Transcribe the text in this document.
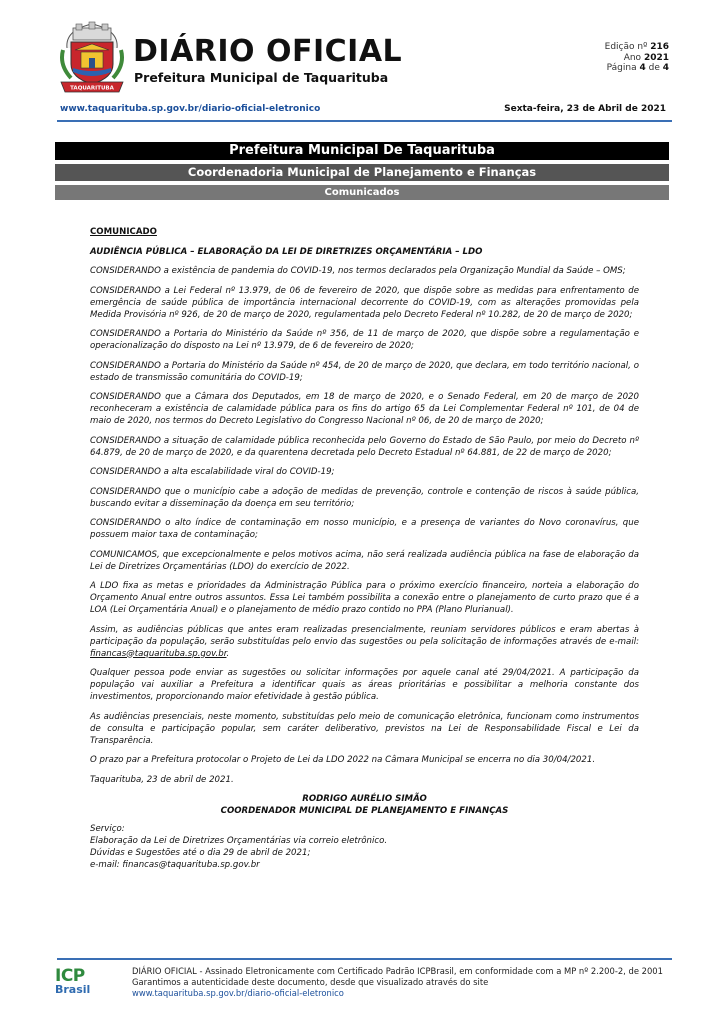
TAQUARITUBA
DIÁRIO OFICIAL
Prefeitura Municipal de Taquarituba
Edição nº 216
Ano 2021
Página 4 de 4
www.taquarituba.sp.gov.br/diario-oficial-eletronico	Sexta-feira, 23 de Abril de 2021
Prefeitura Municipal De Taquarituba
Coordenadoria Municipal de Planejamento e Finanças
Comunicados

COMUNICADO

AUDIÊNCIA PÚBLICA – ELABORAÇÃO DA LEI DE DIRETRIZES ORÇAMENTÁRIA – LDO

CONSIDERANDO a existência de pandemia do COVID-19, nos termos declarados pela Organização Mundial da Saúde – OMS;

CONSIDERANDO a Lei Federal nº 13.979, de 06 de fevereiro de 2020, que dispõe sobre as medidas para enfrentamento de emergência de saúde pública de importância internacional decorrente do COVID-19, com as alterações promovidas pela Medida Provisória nº 926, de 20 de março de 2020, regulamentada pelo Decreto Federal nº 10.282, de 20 de março de 2020;

CONSIDERANDO a Portaria do Ministério da Saúde nº 356, de 11 de março de 2020, que dispõe sobre a regulamentação e operacionalização do disposto na Lei nº 13.979, de 6 de fevereiro de 2020;

CONSIDERANDO a Portaria do Ministério da Saúde nº 454, de 20 de março de 2020, que declara, em todo território nacional, o estado de transmissão comunitária do COVID-19;

CONSIDERANDO que a Câmara dos Deputados, em 18 de março de 2020, e o Senado Federal, em 20 de março de 2020 reconheceram a existência de calamidade pública para os fins do artigo 65 da Lei Complementar Federal nº 101, de 04 de maio de 2020, nos termos do Decreto Legislativo do Congresso Nacional nº 06, de 20 de março de 2020;

CONSIDERANDO a situação de calamidade pública reconhecida pelo Governo do Estado de São Paulo, por meio do Decreto nº 64.879, de 20 de março de 2020, e da quarentena decretada pelo Decreto Estadual nº 64.881, de 22 de março de 2020;

CONSIDERANDO a alta escalabilidade viral do COVID-19;

CONSIDERANDO que o município cabe a adoção de medidas de prevenção, controle e contenção de riscos à saúde pública, buscando evitar a disseminação da doença em seu território;

CONSIDERANDO o alto índice de contaminação em nosso município, e a presença de variantes do Novo coronavírus, que possuem maior taxa de contaminação;

COMUNICAMOS, que excepcionalmente e pelos motivos acima, não será realizada audiência pública na fase de elaboração da Lei de Diretrizes Orçamentárias (LDO) do exercício de 2022.

A LDO fixa as metas e prioridades da Administração Pública para o próximo exercício financeiro, norteia a elaboração do Orçamento Anual entre outros assuntos. Essa Lei também possibilita a conexão entre o planejamento de curto prazo que é a LOA (Lei Orçamentária Anual) e o planejamento de médio prazo contido no PPA (Plano Plurianual).

Assim, as audiências públicas que antes eram realizadas presencialmente, reuniam servidores públicos e eram abertas à participação da população, serão substituídas pelo envio das sugestões ou pela solicitação de informações através de e-mail: financas@taquarituba.sp.gov.br.

Qualquer pessoa pode enviar as sugestões ou solicitar informações por aquele canal até 29/04/2021. A participação da população vai auxiliar a Prefeitura a identificar quais as áreas prioritárias e possibilitar a melhoria constante dos investimentos, proporcionando maior efetividade à gestão pública.

As audiências presenciais, neste momento, substituídas pelo meio de comunicação eletrônica, funcionam como instrumentos de consulta e participação popular, sem caráter deliberativo, previstos na Lei de Responsabilidade Fiscal e Lei da Transparência.

O prazo par a Prefeitura protocolar o Projeto de Lei da LDO 2022 na Câmara Municipal se encerra no dia 30/04/2021.

Taquarituba, 23 de abril de 2021.

RODRIGO AURÉLIO SIMÃO

COORDENADOR MUNICIPAL DE PLANEJAMENTO E FINANÇAS

Serviço:

Elaboração da Lei de Diretrizes Orçamentárias via correio eletrônico.

Dúvidas e Sugestões até o dia 29 de abril de 2021;

e-mail: financas@taquarituba.sp.gov.br

ICP
Brasil
DIÁRIO OFICIAL - Assinado Eletronicamente com Certificado Padrão ICPBrasil, em conformidade com a MP nº 2.200-2, de 2001
Garantimos a autenticidade deste documento, desde que visualizado através do site
www.taquarituba.sp.gov.br/diario-oficial-eletronico
